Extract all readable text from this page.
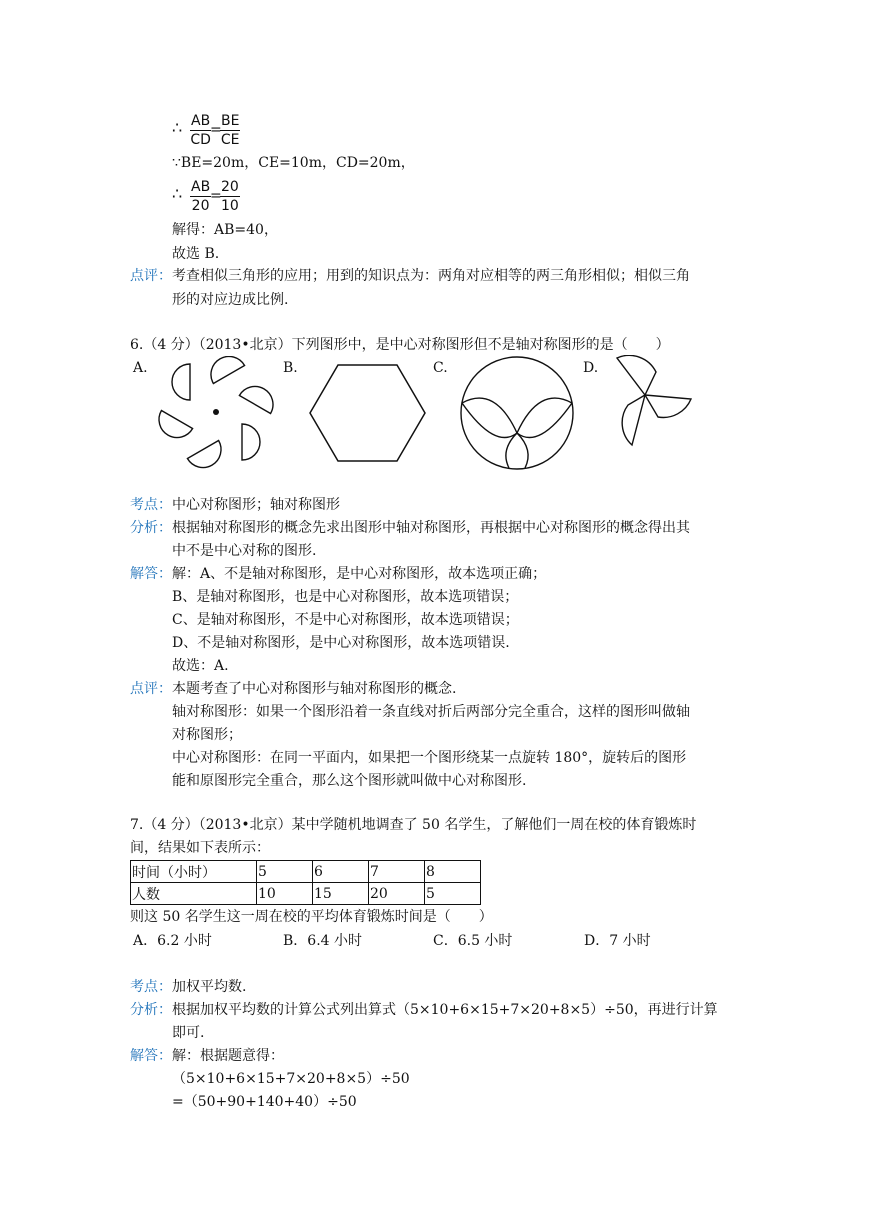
∴ $\frac{AB}{CD}$
=
$\frac{BE}{CE}$
∵BE=20m，CE=10m，CD=20m，
∴ $\frac{AB}{20}$
=
$\frac{20}{10}$
解得：AB=40，
故选 B.
点评： 考查相似三角形的应用；用到的知识点为：两角对应相等的两三角形相似；相似三角
形的对应边成比例.
6.（4 分）（2013•北京）下列图形中，是中心对称图形但不是轴对称图形的是（　　）
A.	B.	C.	D.
考点： 中心对称图形；轴对称图形
分析： 根据轴对称图形的概念先求出图形中轴对称图形，再根据中心对称图形的概念得出其
中不是中心对称的图形.
解答： 解：A、不是轴对称图形，是中心对称图形，故本选项正确；
B、是轴对称图形，也是中心对称图形，故本选项错误；
C、是轴对称图形，不是中心对称图形，故本选项错误；
D、不是轴对称图形，是中心对称图形，故本选项错误.
故选：A.
点评： 本题考查了中心对称图形与轴对称图形的概念.
轴对称图形：如果一个图形沿着一条直线对折后两部分完全重合，这样的图形叫做轴
对称图形；
中心对称图形：在同一平面内，如果把一个图形绕某一点旋转 180°，旋转后的图形
能和原图形完全重合，那么这个图形就叫做中心对称图形.
7.（4 分）（2013•北京）某中学随机地调查了 50 名学生，了解他们一周在校的体育锻炼时
间，结果如下表所示：
时间（小时）	5	6	7	8
人数	10	15	20	5
则这 50 名学生这一周在校的平均体育锻炼时间是（　　）
A．6.2 小时	B．6.4 小时	C．6.5 小时	D．7 小时
考点： 加权平均数.
分析： 根据加权平均数的计算公式列出算式（5×10+6×15+7×20+8×5）÷50，再进行计算
即可.
解答： 解：根据题意得：
（5×10+6×15+7×20+8×5）÷50
=（50+90+140+40）÷50
